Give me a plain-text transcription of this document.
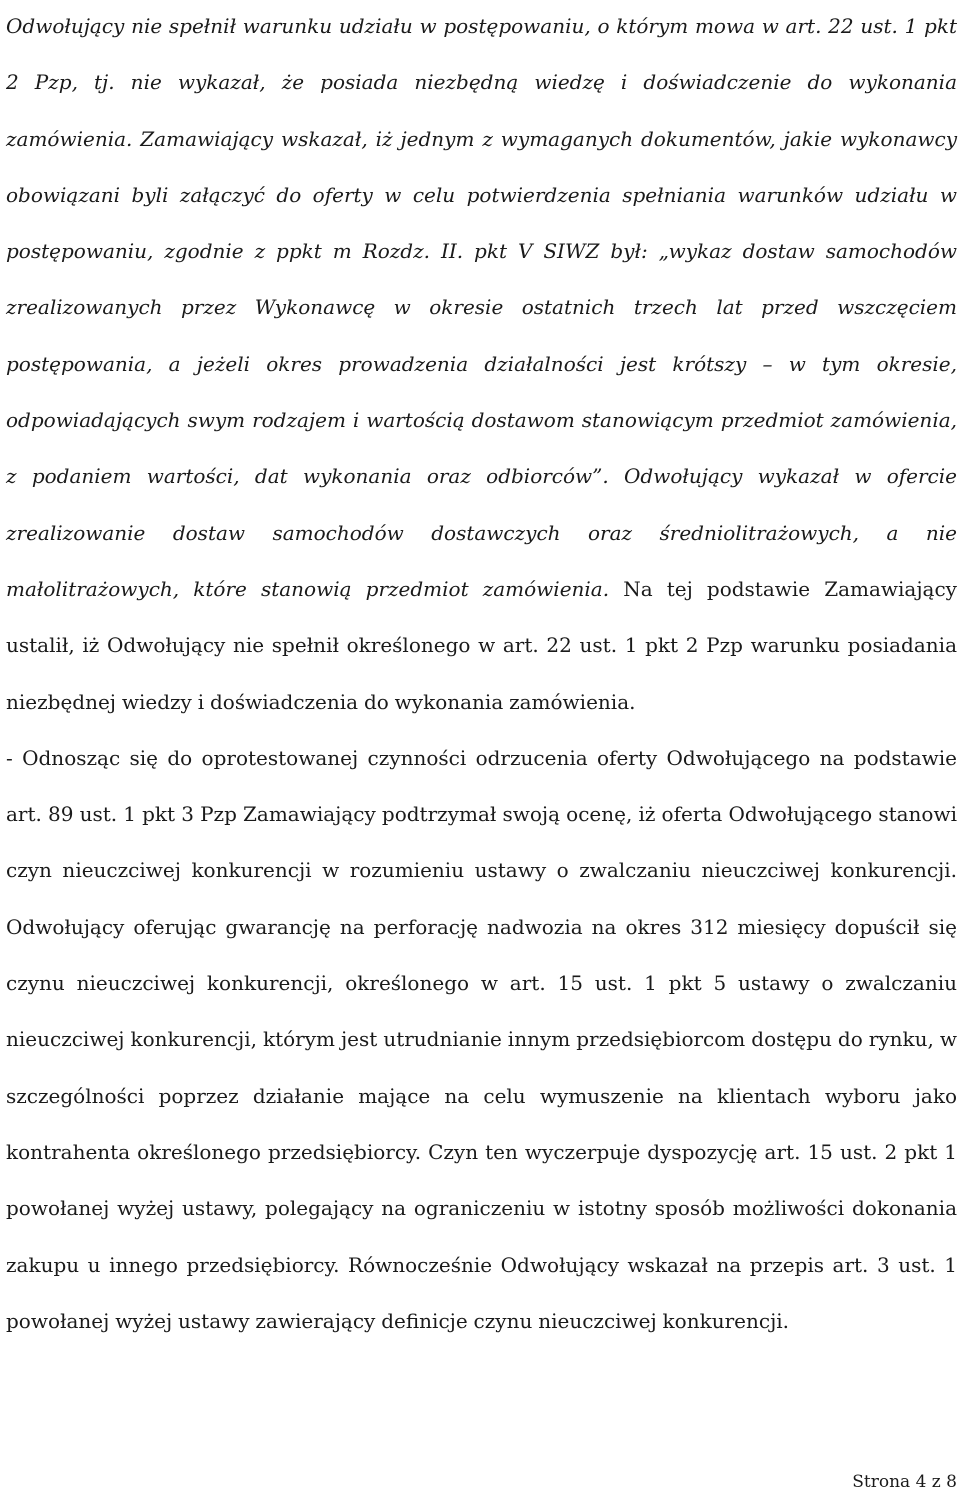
Odwołujący nie spełnił warunku udziału w postępowaniu, o którym mowa w art. 22 ust. 1 pkt 2 Pzp, tj. nie wykazał, że posiada niezbędną wiedzę i doświadczenie do wykonania zamówienia. Zamawiający wskazał, iż jednym z wymaganych dokumentów, jakie wykonawcy obowiązani byli załączyć do oferty w celu potwierdzenia spełniania warunków udziału w postępowaniu, zgodnie z ppkt m Rozdz. II. pkt V SIWZ był: „wykaz dostaw samochodów zrealizowanych przez Wykonawcę w okresie ostatnich trzech lat przed wszczęciem postępowania, a jeżeli okres prowadzenia działalności jest krótszy – w tym okresie, odpowiadających swym rodzajem i wartością dostawom stanowiącym przedmiot zamówienia, z podaniem wartości, dat wykonania oraz odbiorców”. Odwołujący wykazał w ofercie zrealizowanie dostaw samochodów dostawczych oraz średniolitrażowych, a nie małolitrażowych, które stanowią przedmiot zamówienia. Na tej podstawie Zamawiający ustalił, iż Odwołujący nie spełnił określonego w art. 22 ust. 1 pkt 2 Pzp warunku posiadania niezbędnej wiedzy i doświadczenia do wykonania zamówienia.

- Odnosząc się do oprotestowanej czynności odrzucenia oferty Odwołującego na podstawie art. 89 ust. 1 pkt 3 Pzp Zamawiający podtrzymał swoją ocenę, iż oferta Odwołującego stanowi czyn nieuczciwej konkurencji w rozumieniu ustawy o zwalczaniu nieuczciwej konkurencji. Odwołujący oferując gwarancję na perforację nadwozia na okres 312 miesięcy dopuścił się czynu nieuczciwej konkurencji, określonego w art. 15 ust. 1 pkt 5 ustawy o zwalczaniu nieuczciwej konkurencji, którym jest utrudnianie innym przedsiębiorcom dostępu do rynku, w szczególności poprzez działanie mające na celu wymuszenie na klientach wyboru jako kontrahenta określonego przedsiębiorcy. Czyn ten wyczerpuje dyspozycję art. 15 ust. 2 pkt 1 powołanej wyżej ustawy, polegający na ograniczeniu w istotny sposób możliwości dokonania zakupu u innego przedsiębiorcy. Równocześnie Odwołujący wskazał na przepis art. 3 ust. 1 powołanej wyżej ustawy zawierający definicje czynu nieuczciwej konkurencji.

Strona 4 z 8
